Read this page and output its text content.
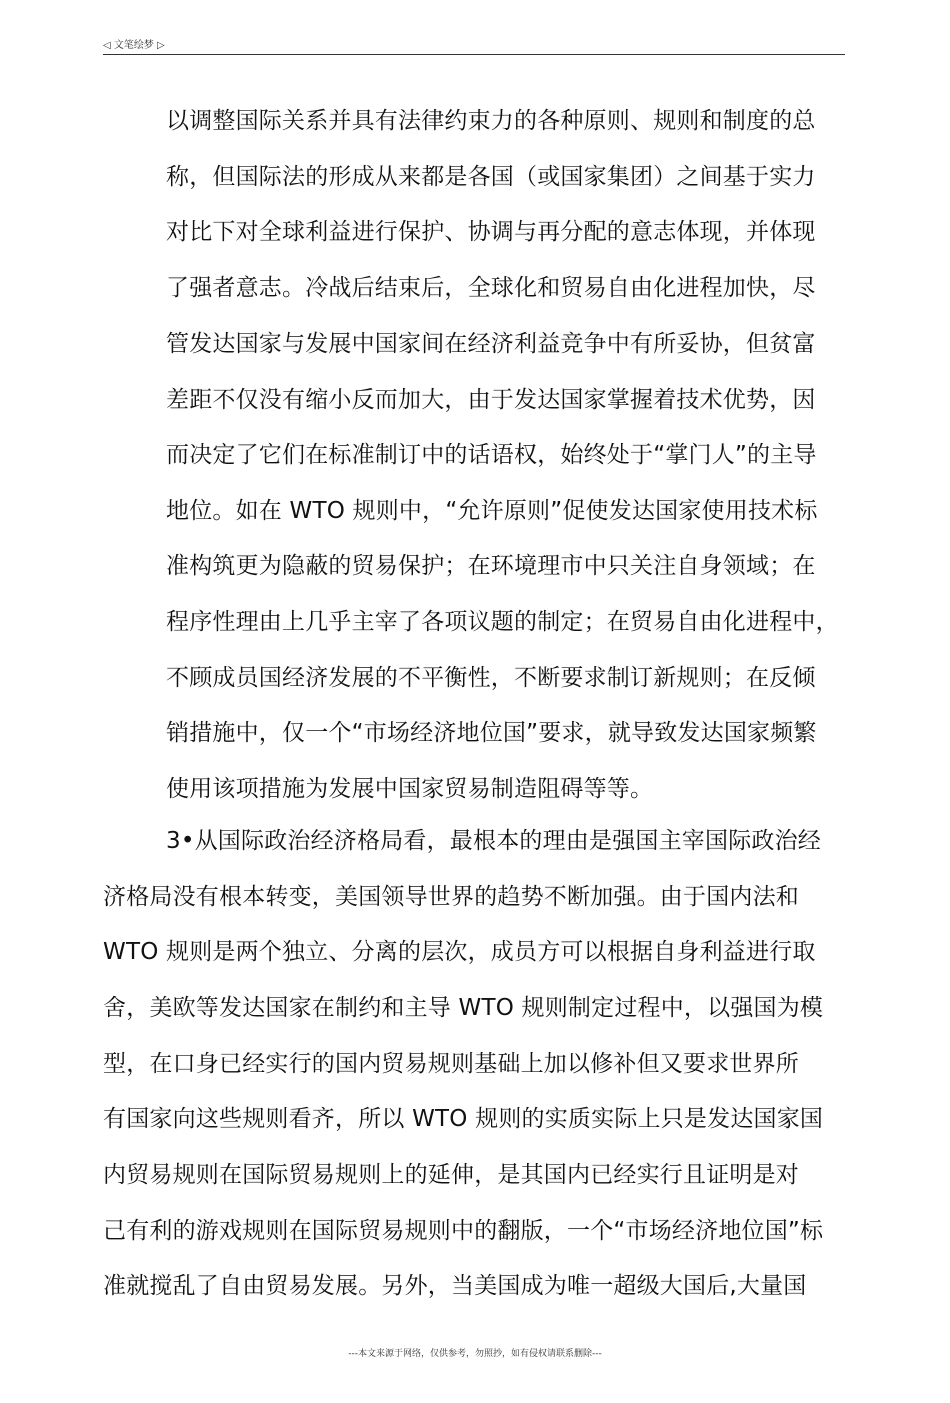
◁ 文笔绘梦 ▷
以调整国际关系并具有法律约束力的各种原则、规则和制度的总
称，但国际法的形成从来都是各国（或国家集团）之间基于实力
对比下对全球利益进行保护、协调与再分配的意志体现，并体现
了强者意志。冷战后结束后，全球化和贸易自由化进程加快，尽
管发达国家与发展中国家间在经济利益竞争中有所妥协，但贫富
差距不仅没有缩小反而加大，由于发达国家掌握着技术优势，因
而决定了它们在标准制订中的话语权，始终处于“掌门人”的主导
地位。如在 WTO 规则中，“允许原则”促使发达国家使用技术标
准构筑更为隐蔽的贸易保护；在环境理市中只关注自身领域；在
程序性理由上几乎主宰了各项议题的制定；在贸易自由化进程中，
不顾成员国经济发展的不平衡性，不断要求制订新规则；在反倾
销措施中，仅一个“市场经济地位国”要求，就导致发达国家频繁
使用该项措施为发展中国家贸易制造阻碍等等。
3•从国际政治经济格局看，最根本的理由是强国主宰国际政治经
济格局没有根本转变，美国领导世界的趋势不断加强。由于国内法和
WTO 规则是两个独立、分离的层次，成员方可以根据自身利益进行取
舍，美欧等发达国家在制约和主导 WTO 规则制定过程中，以强国为模
型，在口身已经实行的国内贸易规则基础上加以修补但又要求世界所
有国家向这些规则看齐，所以 WTO 规则的实质实际上只是发达国家国
内贸易规则在国际贸易规则上的延伸，是其国内已经实行且证明是对
己有利的游戏规则在国际贸易规则中的翻版，一个“市场经济地位国”标
准就搅乱了自由贸易发展。另外，当美国成为唯一超级大国后,大量国
---本文来源于网络，仅供参考，勿照抄，如有侵权请联系删除---
